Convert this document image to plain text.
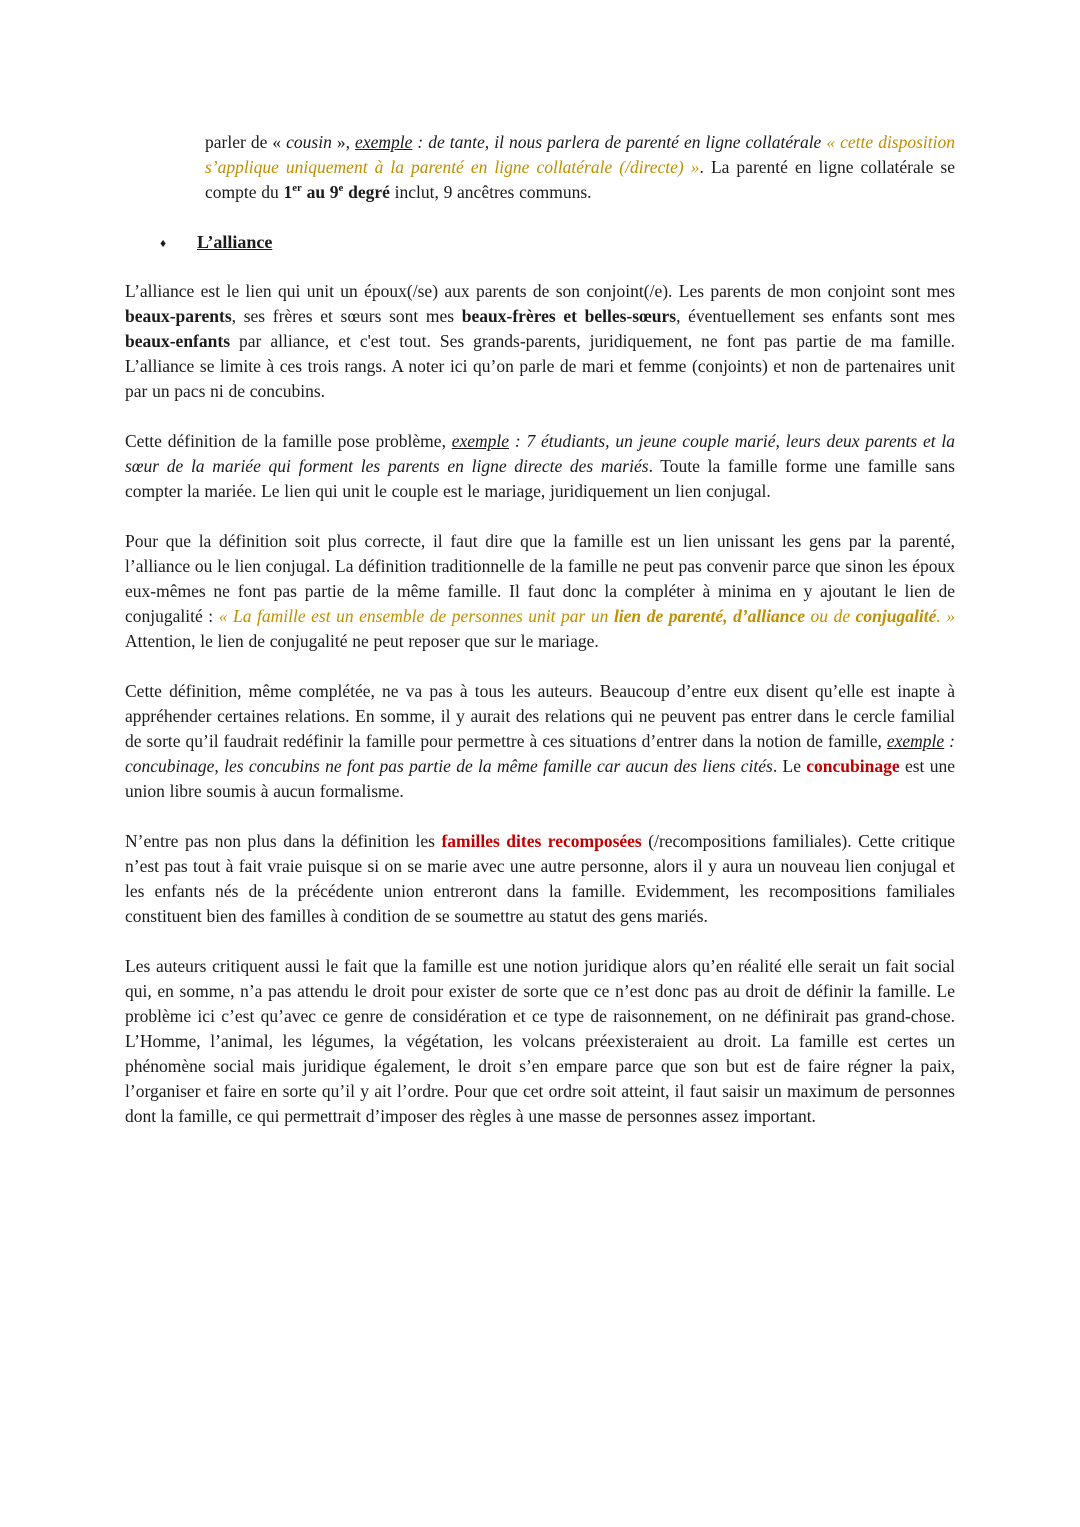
parler de « cousin », exemple : de tante, il nous parlera de parenté en ligne collatérale « cette disposition s’applique uniquement à la parenté en ligne collatérale (/directe) ». La parenté en ligne collatérale se compte du 1er au 9e degré inclut, 9 ancêtres communs.
♦ L’alliance
L’alliance est le lien qui unit un époux(/se) aux parents de son conjoint(/e). Les parents de mon conjoint sont mes beaux-parents, ses frères et sœurs sont mes beaux-frères et belles-sœurs, éventuellement ses enfants sont mes beaux-enfants par alliance, et c'est tout. Ses grands-parents, juridiquement, ne font pas partie de ma famille. L’alliance se limite à ces trois rangs. A noter ici qu’on parle de mari et femme (conjoints) et non de partenaires unit par un pacs ni de concubins.
Cette définition de la famille pose problème, exemple : 7 étudiants, un jeune couple marié, leurs deux parents et la sœur de la mariée qui forment les parents en ligne directe des mariés. Toute la famille forme une famille sans compter la mariée. Le lien qui unit le couple est le mariage, juridiquement un lien conjugal.
Pour que la définition soit plus correcte, il faut dire que la famille est un lien unissant les gens par la parenté, l’alliance ou le lien conjugal. La définition traditionnelle de la famille ne peut pas convenir parce que sinon les époux eux-mêmes ne font pas partie de la même famille. Il faut donc la compléter à minima en y ajoutant le lien de conjugalité : « La famille est un ensemble de personnes unit par un lien de parenté, d’alliance ou de conjugalité. » Attention, le lien de conjugalité ne peut reposer que sur le mariage.
Cette définition, même complétée, ne va pas à tous les auteurs. Beaucoup d’entre eux disent qu’elle est inapte à appréhender certaines relations. En somme, il y aurait des relations qui ne peuvent pas entrer dans le cercle familial de sorte qu’il faudrait redéfinir la famille pour permettre à ces situations d’entrer dans la notion de famille, exemple : concubinage, les concubins ne font pas partie de la même famille car aucun des liens cités. Le concubinage est une union libre soumis à aucun formalisme.
N’entre pas non plus dans la définition les familles dites recomposées (/recompositions familiales). Cette critique n’est pas tout à fait vraie puisque si on se marie avec une autre personne, alors il y aura un nouveau lien conjugal et les enfants nés de la précédente union entreront dans la famille. Evidemment, les recompositions familiales constituent bien des familles à condition de se soumettre au statut des gens mariés.
Les auteurs critiquent aussi le fait que la famille est une notion juridique alors qu’en réalité elle serait un fait social qui, en somme, n’a pas attendu le droit pour exister de sorte que ce n’est donc pas au droit de définir la famille. Le problème ici c’est qu’avec ce genre de considération et ce type de raisonnement, on ne définirait pas grand-chose. L’Homme, l’animal, les légumes, la végétation, les volcans préexisteraient au droit. La famille est certes un phénomène social mais juridique également, le droit s’en empare parce que son but est de faire régner la paix, l’organiser et faire en sorte qu’il y ait l’ordre. Pour que cet ordre soit atteint, il faut saisir un maximum de personnes dont la famille, ce qui permettrait d’imposer des règles à une masse de personnes assez important.
